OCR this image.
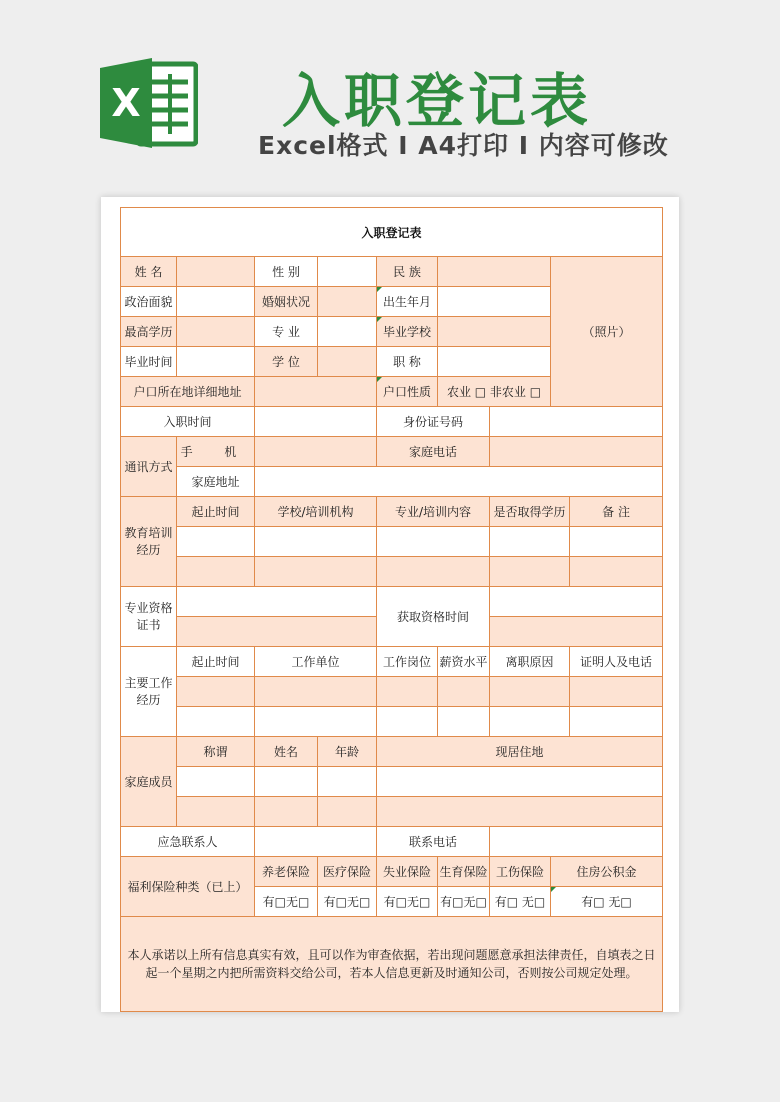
X 入职登记表
Excel格式 I A4打印 I 内容可修改
入职登记表								
姓 名		性 别		民 族			（照片）	
政治面貌		婚姻状况		出生年月				
最高学历		专 业		毕业学校				
毕业时间		学 位		职 称				
户口所在地详细地址				户口性质	农业 □ 非农业 □			
入职时间				身份证号码				
通讯方式	手 机			家庭电话				
	家庭地址							
教育培训经历	起止时间	学校/培训机构		专业/培训内容		是否取得学历		备 注

专业资格证书				获取资格时间				

主要工作经历	起止时间	工作单位		工作岗位	薪资水平	离职原因		证明人及电话

家庭成员	称谓	姓名	年龄	现居住地				

应急联系人				联系电话				
福利保险种类（已上）		养老保险	医疗保险	失业保险	生育保险	工伤保险	住房公积金	
		有□无□	有□无□	有□无□	有□无□	有□ 无□	有□ 无□	
本人承诺以上所有信息真实有效，且可以作为审查依据，若出现问题愿意承担法律责任，自填表之日起一个星期之内把所需资料交给公司，若本人信息更新及时通知公司，否则按公司规定处理。								
